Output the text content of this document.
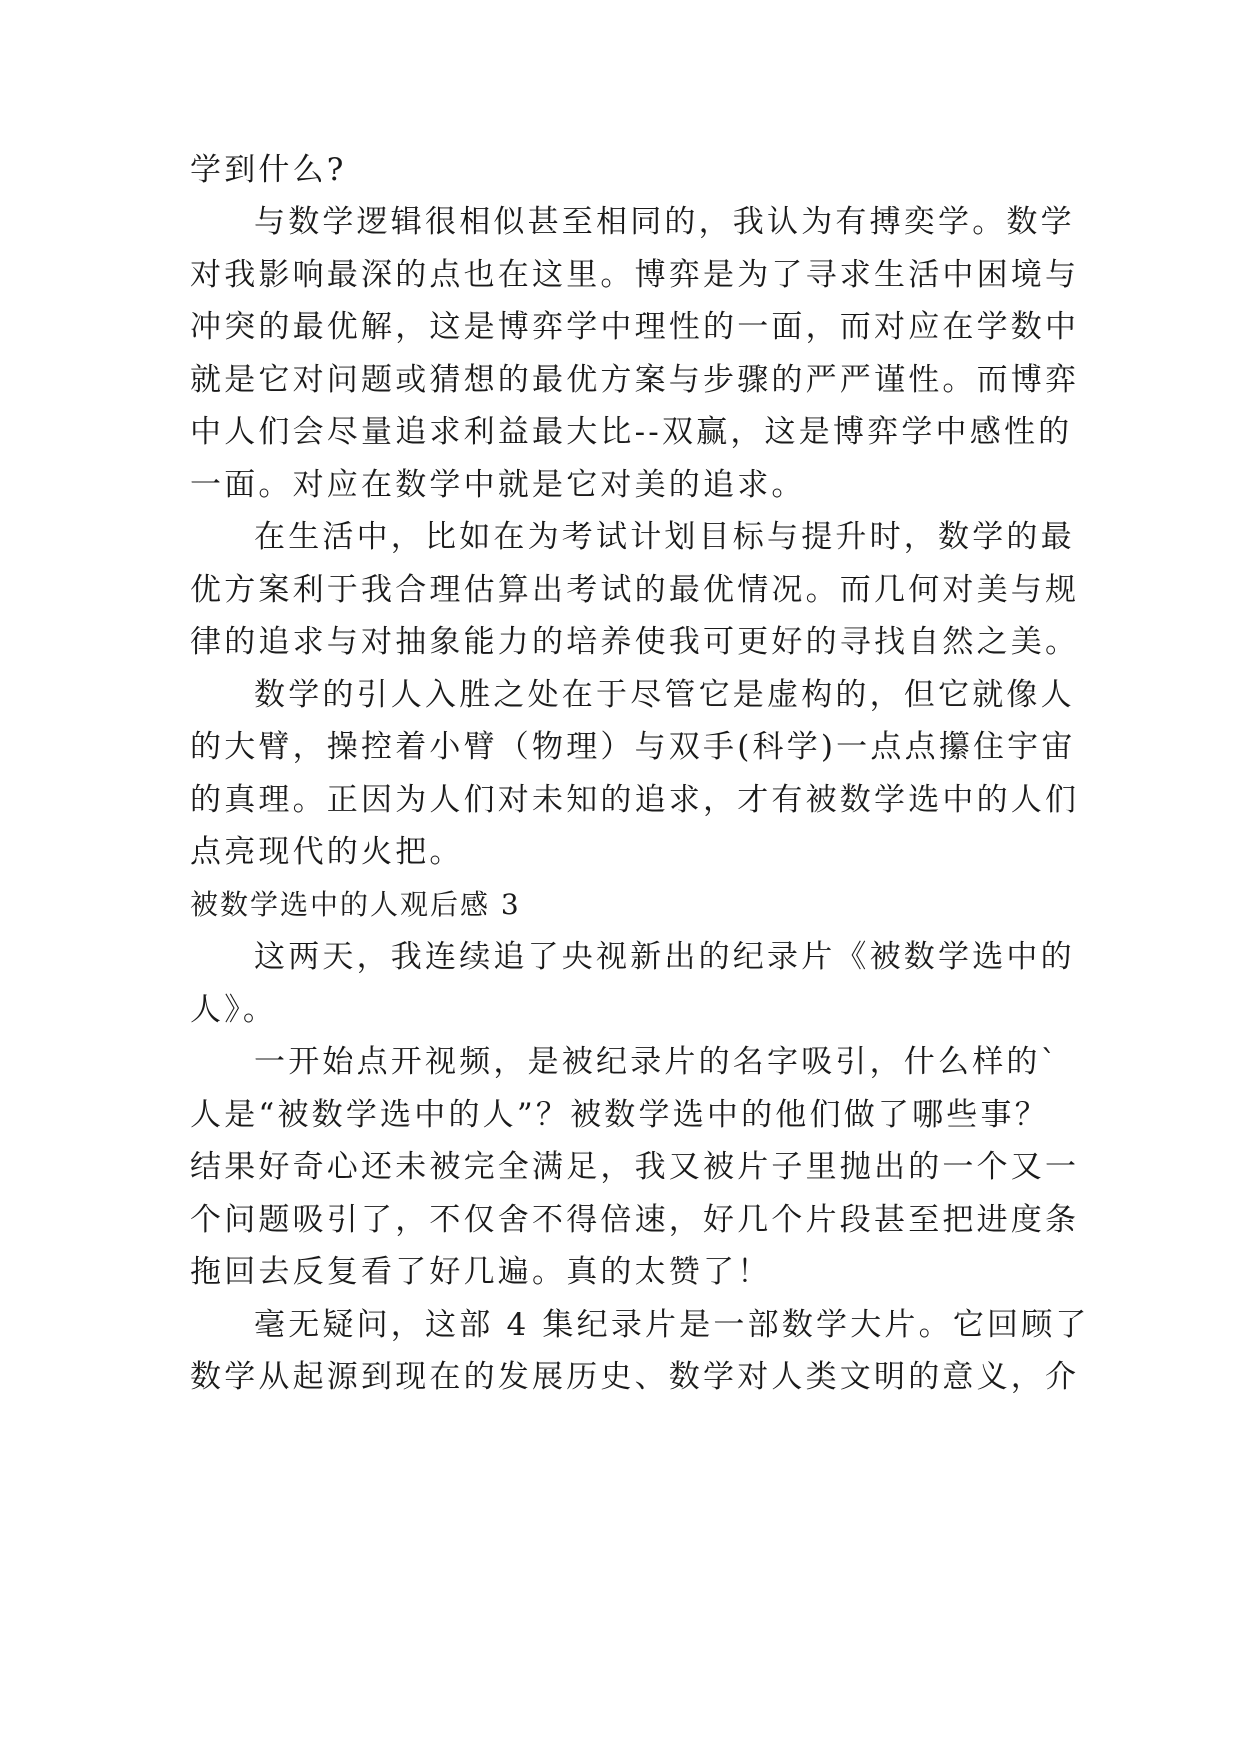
学到什么?
与数学逻辑很相似甚至相同的，我认为有搏奕学。数学
对我影响最深的点也在这里。博弈是为了寻求生活中困境与
冲突的最优解，这是博弈学中理性的一面，而对应在学数中
就是它对问题或猜想的最优方案与步骤的严严谨性。而博弈
中人们会尽量追求利益最大比--双赢，这是博弈学中感性的
一面。对应在数学中就是它对美的追求。
在生活中，比如在为考试计划目标与提升时，数学的最
优方案利于我合理估算出考试的最优情况。而几何对美与规
律的追求与对抽象能力的培养使我可更好的寻找自然之美。
数学的引人入胜之处在于尽管它是虚构的，但它就像人
的大臂，操控着小臂（物理）与双手(科学)一点点攥住宇宙
的真理。正因为人们对未知的追求，才有被数学选中的人们
点亮现代的火把。
被数学选中的人观后感 3
这两天，我连续追了央视新出的纪录片《被数学选中的
人》。
一开始点开视频，是被纪录片的名字吸引，什么样的`
人是“被数学选中的人”？被数学选中的他们做了哪些事？
结果好奇心还未被完全满足，我又被片子里抛出的一个又一
个问题吸引了，不仅舍不得倍速，好几个片段甚至把进度条
拖回去反复看了好几遍。真的太赞了！
毫无疑问，这部 4 集纪录片是一部数学大片。它回顾了
数学从起源到现在的发展历史、数学对人类文明的意义，介
